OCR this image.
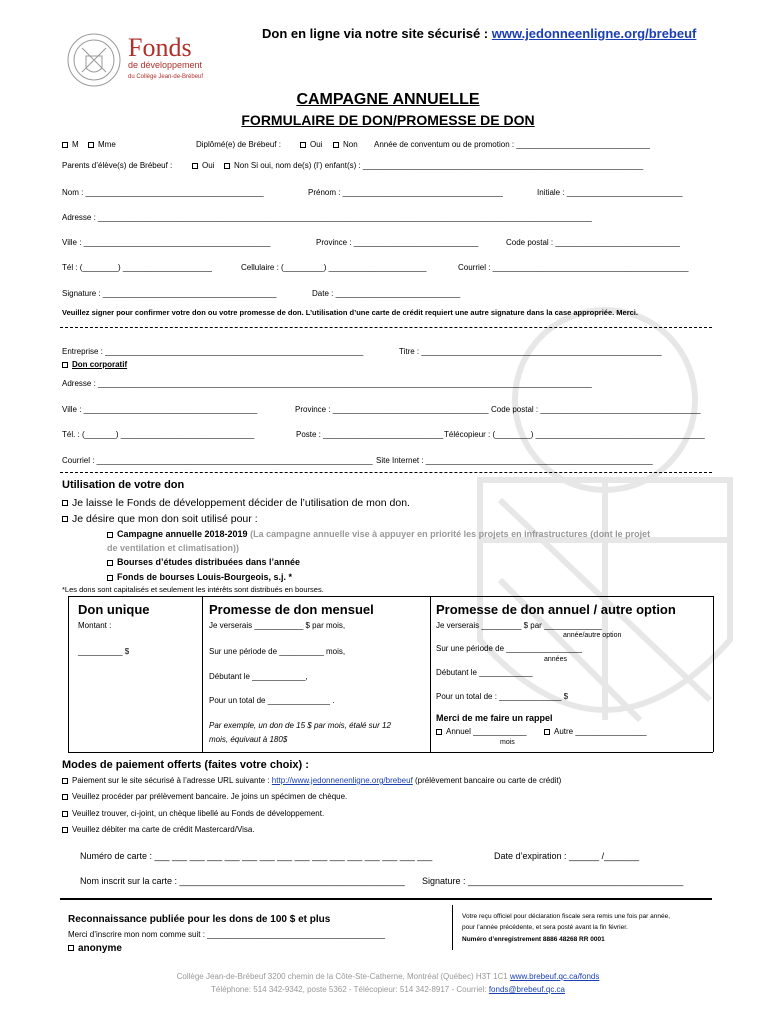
Fonds
de développement
du Collège Jean-de-Brébeuf
Don en ligne via notre site sécurisé : www.jedonneenligne.org/brebeuf
CAMPAGNE ANNUELLE
FORMULAIRE DE DON/PROMESSE DE DON
M	Mme	Diplômé(e) de Brébeuf :	Oui	Non Année de conventum ou de promotion : ______________________________
Parents d’élève(s) de Brébeuf :	Oui	Non Si oui, nom de(s) (l’) enfant(s) : _______________________________________________________________
Nom : ________________________________________	Prénom : ____________________________________	Initiale : __________________________
Adresse : _______________________________________________________________________________________________________________
Ville : __________________________________________	Province : ____________________________	Code postal : ____________________________
Tél : (________) ____________________	Cellulaire : (_________) ______________________	Courriel : ____________________________________________
Signature : _______________________________________	Date : ____________________________
Veuillez signer pour confirmer votre don ou votre promesse de don. L’utilisation d’une carte de crédit requiert une autre signature dans la case appropriée. Merci.
Entreprise : __________________________________________________________	Titre : ______________________________________________________
Don corporatif
Adresse : _______________________________________________________________________________________________________________
Ville : _______________________________________	Province : ___________________________________ Code postal : ____________________________________
Tél. : (_______) ______________________________	Poste : ___________________________ Télécopieur : (________) ______________________________________
Courriel : ______________________________________________________________ Site Internet : ___________________________________________________
Utilisation de votre don
Je laisse le Fonds de développement décider de l’utilisation de mon don.
Je désire que mon don soit utilisé pour :
Campagne annuelle 2018-2019 (La campagne annuelle vise à appuyer en priorité les projets en infrastructures (dont le projet
de ventilation et climatisation))
Bourses d’études distribuées dans l’année
Fonds de bourses Louis-Bourgeois, s.j. *
*Les dons sont capitalisés et seulement les intérêts sont distribués en bourses.
Don unique
Montant :
__________ $
Promesse de don mensuel
Je verserais ___________ $ par mois,
Sur une période de __________ mois,
Débutant le ____________,
Pour un total de ______________ .
Par exemple, un don de 15 $ par mois, étalé sur 12
mois, équivaut à 180$
Promesse de don annuel / autre option
Je verserais _________ $ par _____________
année/autre option
Sur une période de _________________
années
Débutant le ____________
Pour un total de : ______________ $
Merci de me faire un rappel
Annuel ____________	Autre ________________
mois
Modes de paiement offerts (faites votre choix) :
Paiement sur le site sécurisé à l’adresse URL suivante : http://www.jedonnenenligne.org/brebeuf (prélèvement bancaire ou carte de crédit)
Veuillez procéder par prélèvement bancaire. Je joins un spécimen de chèque.
Veuillez trouver, ci-joint, un chèque libellé au Fonds de développement.
Veuillez débiter ma carte de crédit Mastercard/Visa.
Numéro de carte : ___ ___ ___ ___ ___ ___ ___ ___ ___ ___ ___ ___ ___ ___ ___ ___	Date d’expiration : ______ /_______
Nom inscrit sur la carte : _____________________________________________ Signature : ___________________________________________
Reconnaissance publiée pour les dons de 100 $ et plus
Merci d’inscrire mon nom comme suit : ________________________________________
anonyme
Votre reçu officiel pour déclaration fiscale sera remis une fois par année,
pour l’année précédente, et sera posté avant la fin février.
Numéro d’enregistrement 8886 48268 RR 0001
Collège Jean-de-Brébeuf 3200 chemin de la Côte-Ste-Catherne, Montréal (Québec) H3T 1C1 www.brebeuf.qc.ca/fonds
Téléphone: 514 342-9342, poste 5362 - Télécopieur: 514 342-8917 - Courriel: fonds@brebeuf.qc.ca
